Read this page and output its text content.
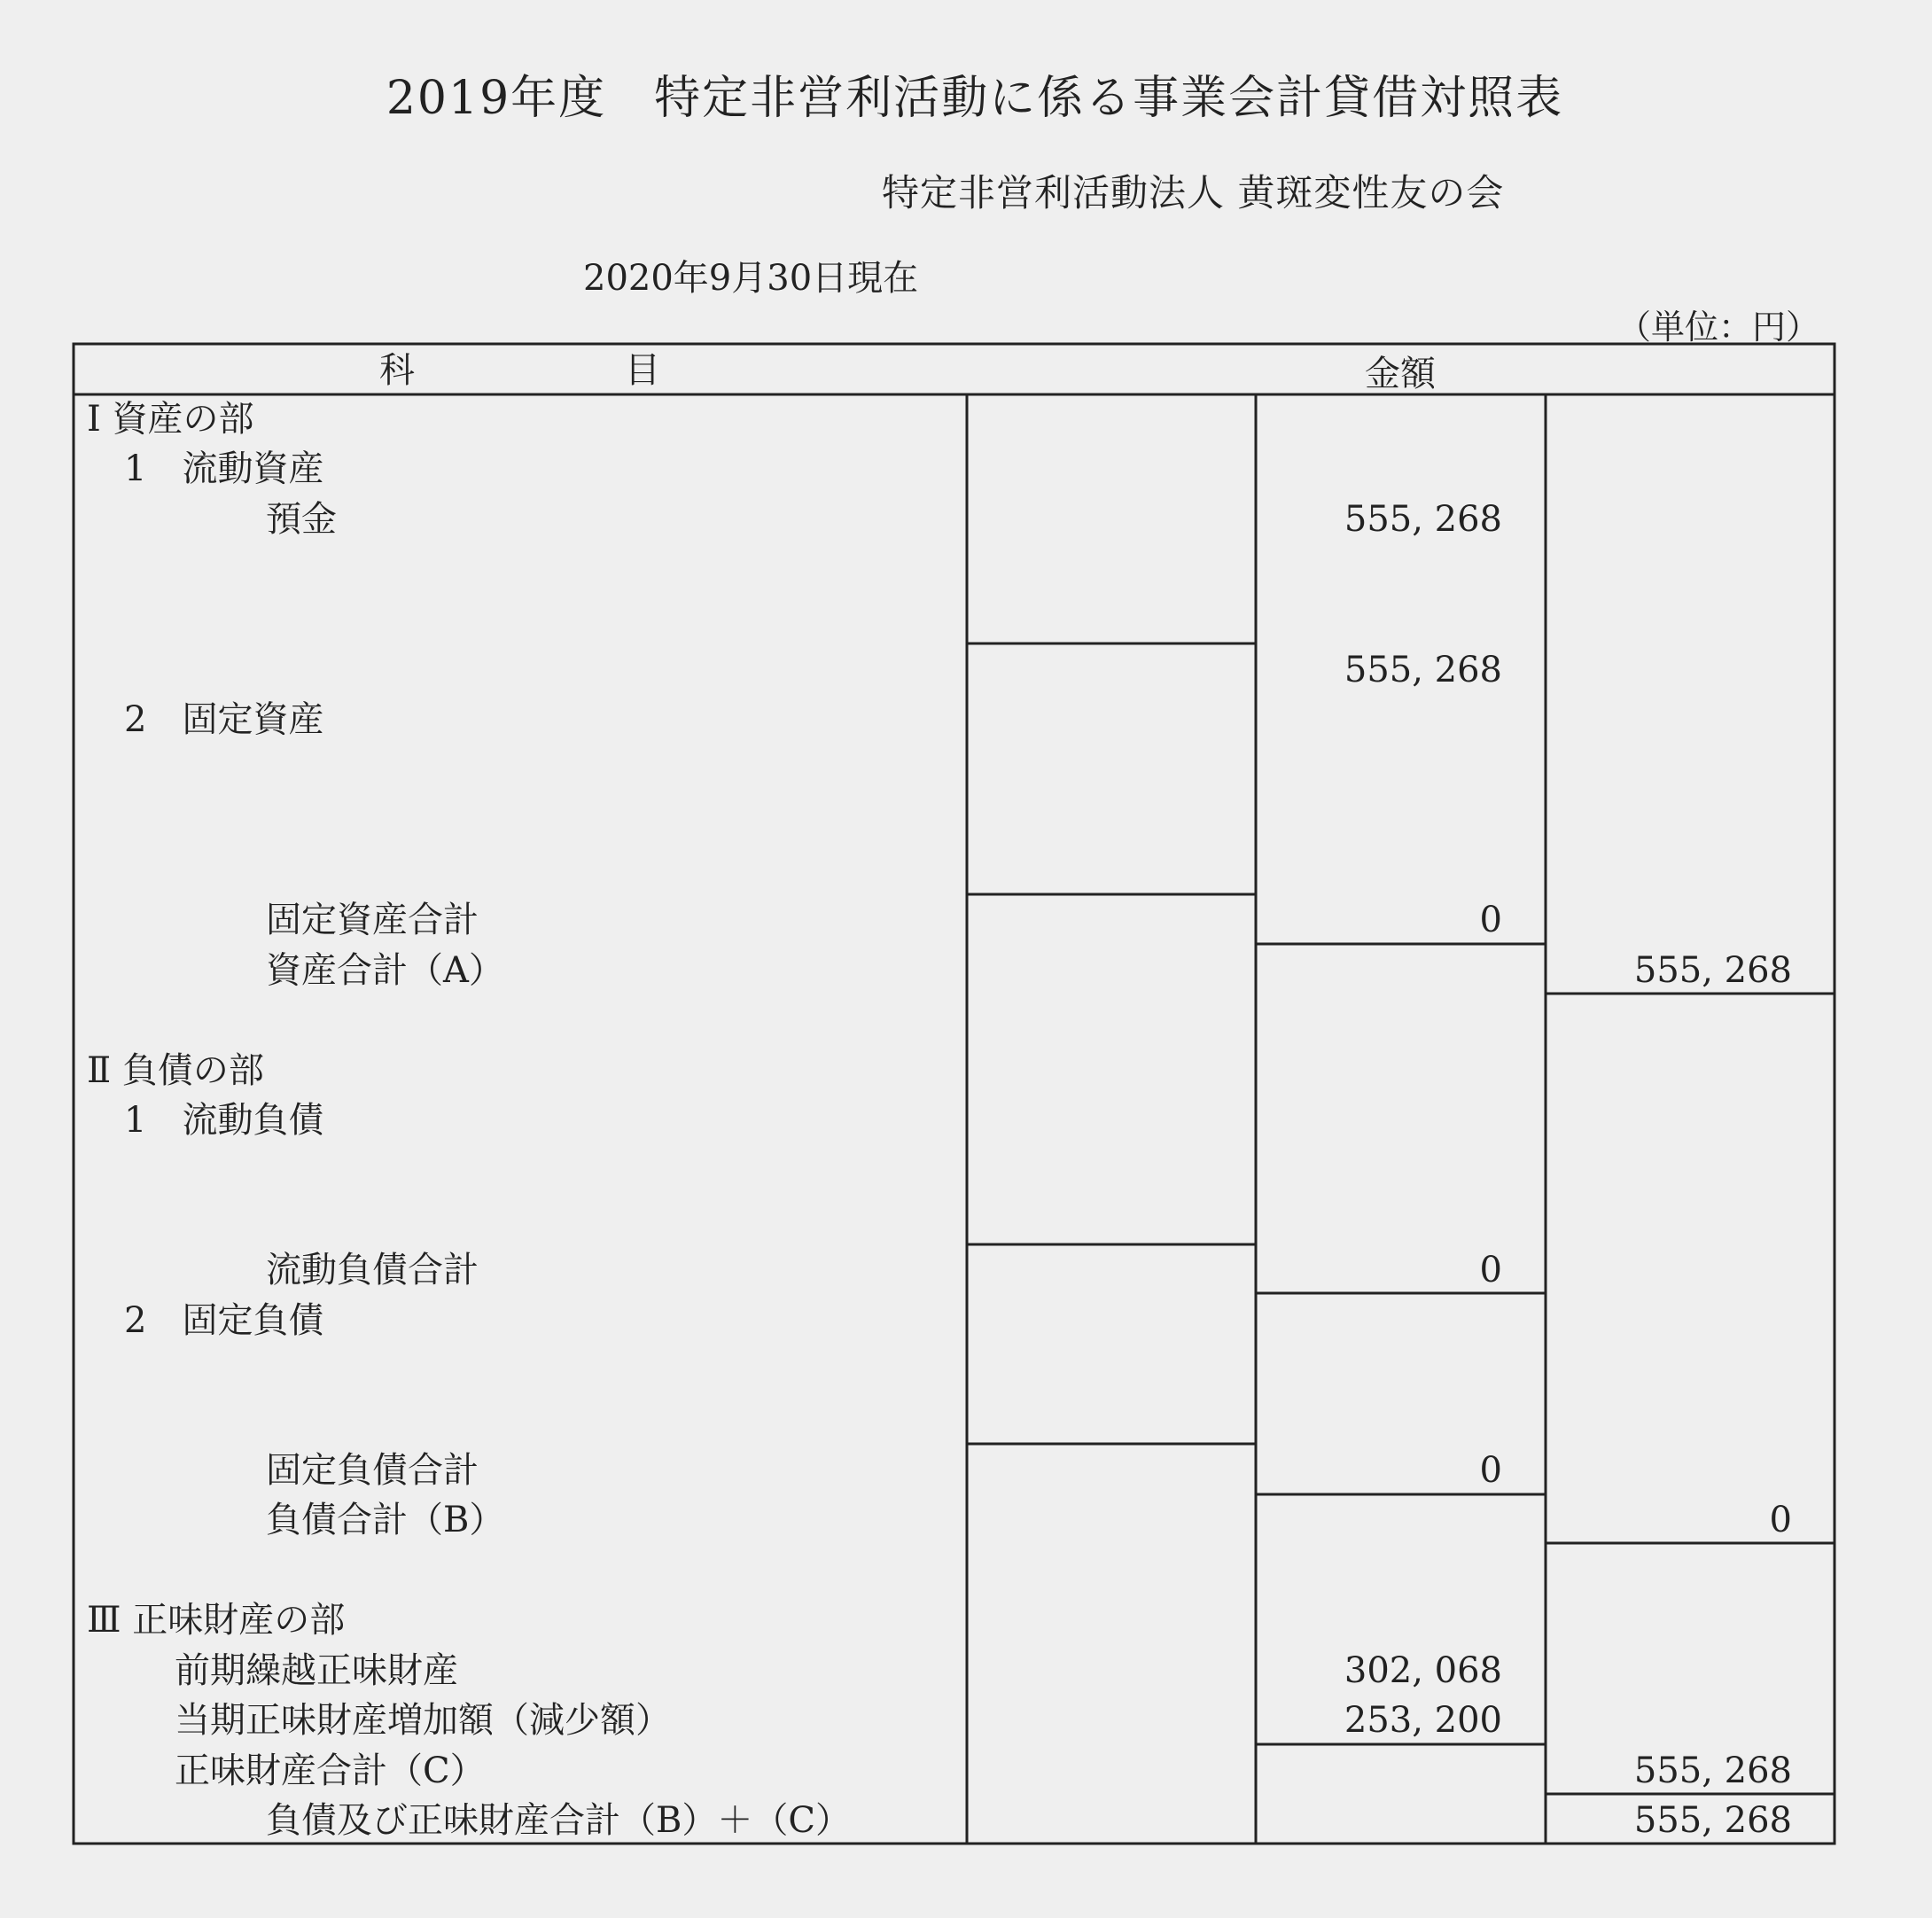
2019年度　特定非営利活動に係る事業会計貸借対照表
特定非営利活動法人 黄斑変性友の会
2020年9月30日現在
（単位：円）
科	目	金額
Ⅰ 資産の部
1　流動資産
預金
2　固定資産
固定資産合計
資産合計（A）
Ⅱ 負債の部
1　流動負債
流動負債合計
2　固定負債
固定負債合計
負債合計（B）
Ⅲ 正味財産の部
前期繰越正味財産
当期正味財産増加額（減少額）
正味財産合計（C）
負債及び正味財産合計（B）＋（C）
555, 268
555, 268
0
0
0
302, 068
253, 200
555, 268
0
555, 268
555, 268
